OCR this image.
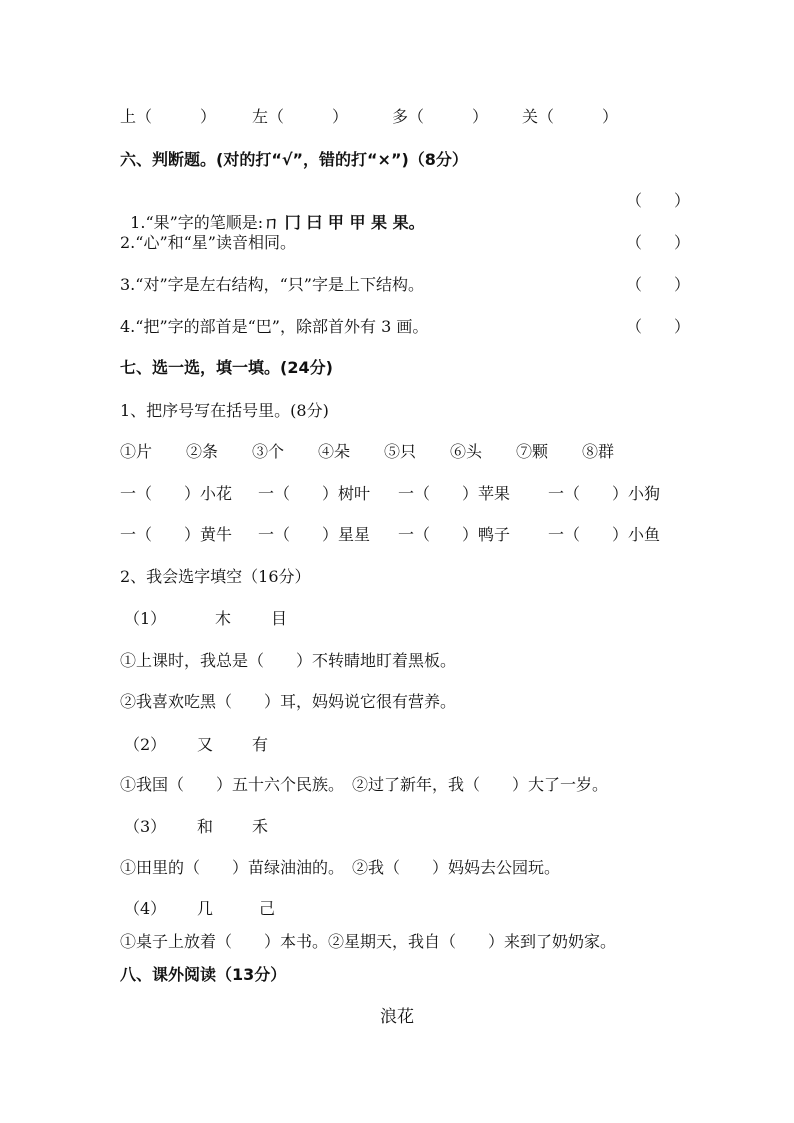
上（　　　） 左（　　　）	多（　　　） 关（　　　）
六、判断题。(对的打“√”，错的打“×”)（8分）

1.“果”字的笔顺是:ㄇ 冂 曰 甲 甲 果 果。

（　　）
2.“心”和“星”读音相同。	（　　）
3.“对”字是左右结构，“只”字是上下结构。	（　　）
4.“把”字的部首是“巴”，除部首外有 3 画。	（　　）
七、选一选，填一填。(24分)
1、把序号写在括号里。(8分)
①片 ②条 ③个 ④朵 ⑤只 ⑥头 ⑦颗 ⑧群
一（　　）小花 一（　　）树叶 一（　　）苹果 一（　　）小狗
一（　　）黄牛 一（　　）星星 一（　　）鸭子 一（　　）小鱼
2、我会选字填空（16分）
（1）	木 目
①上课时，我总是（　　）不转睛地盯着黑板。
②我喜欢吃黑（　　）耳，妈妈说它很有营养。
（2） 又 有
①我国（　　）五十六个民族。　②过了新年，我（　　）大了一岁。
（3） 和 禾
①田里的（　　）苗绿油油的。　②我（　　）妈妈去公园玩。
（4） 几	己
①桌子上放着（　　）本书。②星期天，我自（　　）来到了奶奶家。
八、课外阅读（13分）
浪花
